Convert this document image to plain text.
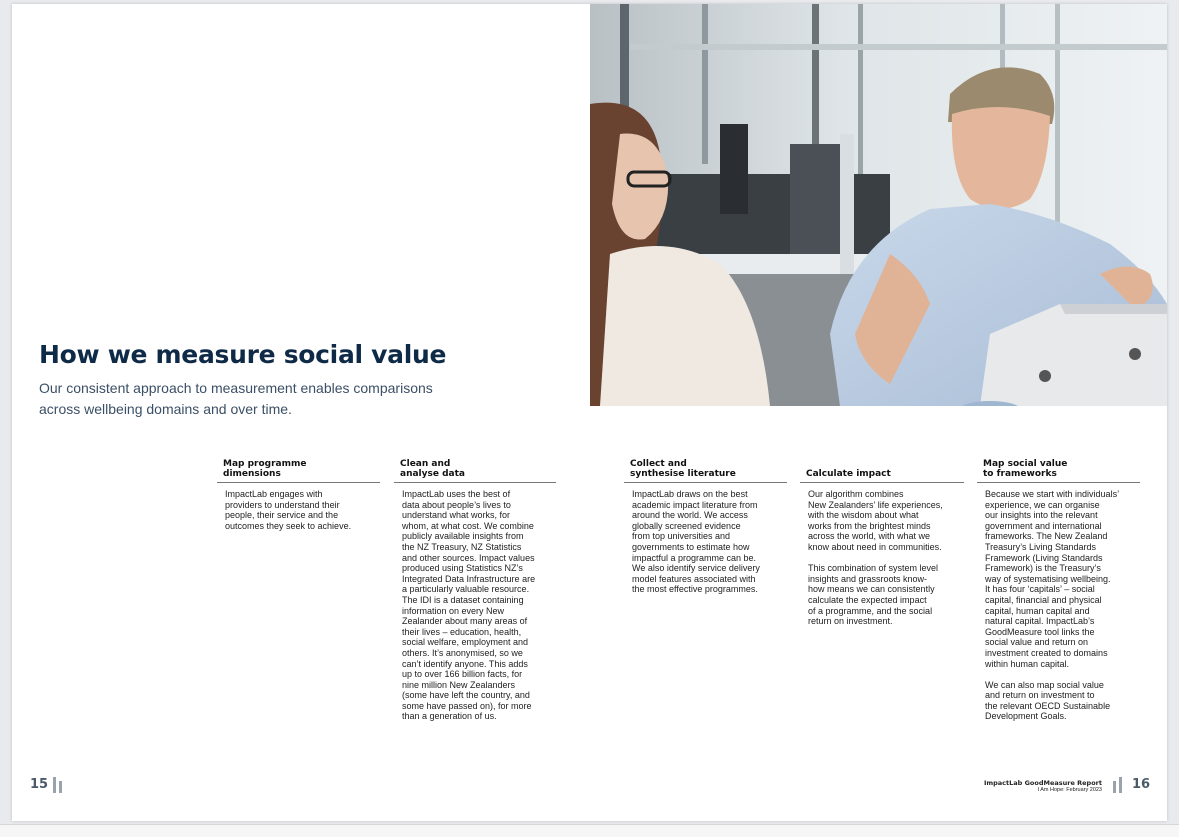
How we measure social value

Our consistent approach to measurement enables comparisons across wellbeing domains and over time.

Map programme
dimensions
ImpactLab engages with
providers to understand their
people, their service and the
outcomes they seek to achieve.
Clean and
analyse data
ImpactLab uses the best of
data about people’s lives to
understand what works, for
whom, at what cost. We combine
publicly available insights from
the NZ Treasury, NZ Statistics
and other sources. Impact values
produced using Statistics NZ’s
Integrated Data Infrastructure are
a particularly valuable resource.
The IDI is a dataset containing
information on every New
Zealander about many areas of
their lives – education, health,
social welfare, employment and
others. It’s anonymised, so we
can’t identify anyone. This adds
up to over 166 billion facts, for
nine million New Zealanders
(some have left the country, and
some have passed on), for more
than a generation of us.
Collect and
synthesise literature
ImpactLab draws on the best
academic impact literature from
around the world. We access
globally screened evidence
from top universities and
governments to estimate how
impactful a programme can be.
We also identify service delivery
model features associated with
the most effective programmes.
Calculate impact
Our algorithm combines
New Zealanders’ life experiences,
with the wisdom about what
works from the brightest minds
across the world, with what we
know about need in communities.

This combination of system level
insights and grassroots know-
how means we can consistently
calculate the expected impact
of a programme, and the social
return on investment.
Map social value
to frameworks
Because we start with individuals’
experience, we can organise
our insights into the relevant
government and international
frameworks. The New Zealand
Treasury’s Living Standards
Framework (Living Standards
Framework) is the Treasury’s
way of systematising wellbeing.
It has four ‘capitals’ – social
capital, financial and physical
capital, human capital and
natural capital. ImpactLab’s
GoodMeasure tool links the
social value and return on
investment created to domains
within human capital.

We can also map social value
and return on investment to
the relevant OECD Sustainable
Development Goals.
15	ImpactLab GoodMeasure Report
I Am Hope: February 2023 16
